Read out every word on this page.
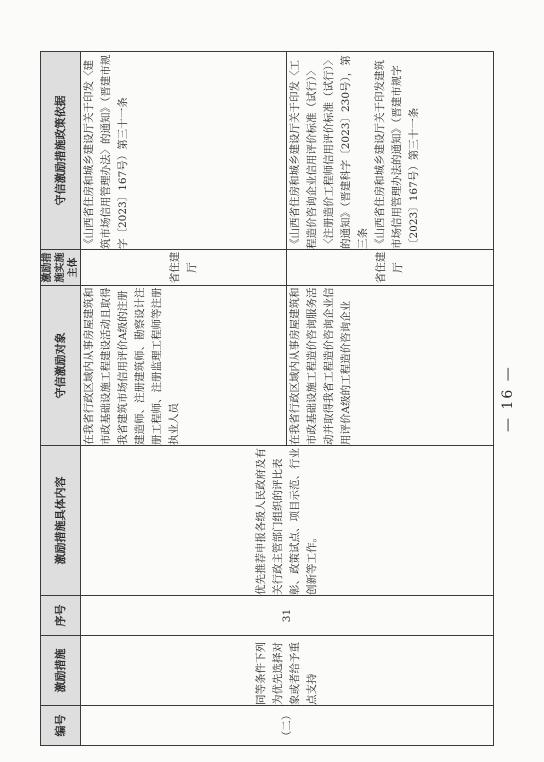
编号	激励措施	序号	激励措施具体内容	守信激励对象	激励措施实施主体	守信激励措施政策依据
（二）	同等条件下列为优先选择对象或者给予重点支持	31	优先推荐申报各级人民政府及有关行政主管部门组织的评比表彰、政策试点、项目示范、行业创新等工作。	在我省行政区域内从事房屋建筑和市政基础设施工程建设活动且取得我省建筑市场信用评价A级的注册建造师、注册建筑师、勘察设计注册工程师、注册监理工程师等注册执业人员	省住建厅	《山西省住房和城乡建设厅关于印发〈建筑市场信用管理办法〉的通知》（晋建市规字〔2023〕167号）第三十一条

				在我省行政区域内从事房屋建筑和市政基础设施工程造价咨询服务活动并取得我省工程造价咨询企业信用评价A级的工程造价咨询企业	省住建厅	《山西省住房和城乡建设厅关于印发〈工程造价咨询企业信用评价标准（试行）〉〈注册造价工程师信用评价标准（试行）〉的通知》（晋建科字〔2023〕230号），第三条 《山西省住房和城乡建设厅关于印发建筑市场信用管理办法的通知》（晋建市规字〔2023〕167号）第三十一条

— 16 —
